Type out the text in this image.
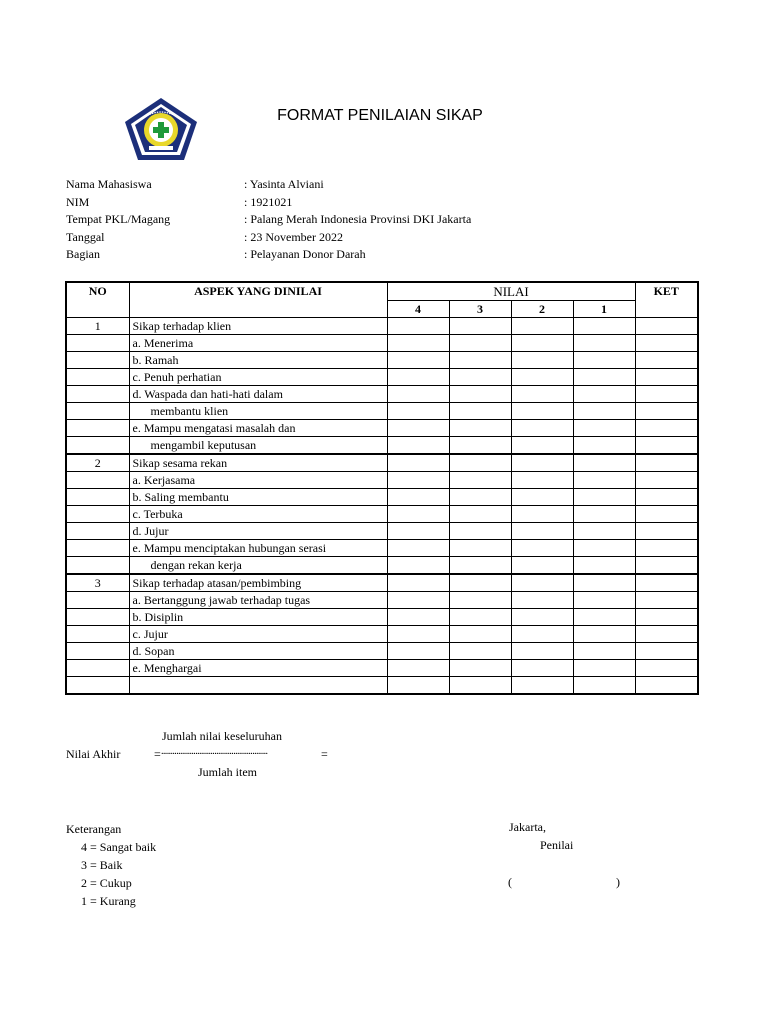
FORMAT PENILAIAN SIKAP
Nama Mahasiswa	: Yasinta Alviani
NIM	: 1921021
Tempat PKL/Magang	: Palang Merah Indonesia Provinsi DKI Jakarta
Tanggal	: 23 November 2022
Bagian	: Pelayanan Donor Darah
NO	ASPEK YANG DINILAI	NILAI				KET
		4	3	2	1	
1	Sikap terhadap klien					
	a. Menerima					
	b. Ramah					
	c. Penuh perhatian					
	d. Waspada dan hati-hati dalam					
	membantu klien					
	e. Mampu mengatasi masalah dan					
	mengambil keputusan					
2	Sikap sesama rekan					
	a. Kerjasama					
	b. Saling membantu					
	c. Terbuka					
	d. Jujur					
	e. Mampu menciptakan hubungan serasi					
	dengan rekan kerja					
3	Sikap terhadap atasan/pembimbing					
	a. Bertanggung jawab terhadap tugas					
	b. Disiplin					
	c. Jujur					
	d. Sopan					
	e. Menghargai					

Jumlah nilai keseluruhan
Nilai Akhir	= ........................................................	=
Jumlah item
Keterangan
4 = Sangat baik
3 = Baik
2 = Cukup
1 = Kurang
Jakarta,
Penilai
(	)
